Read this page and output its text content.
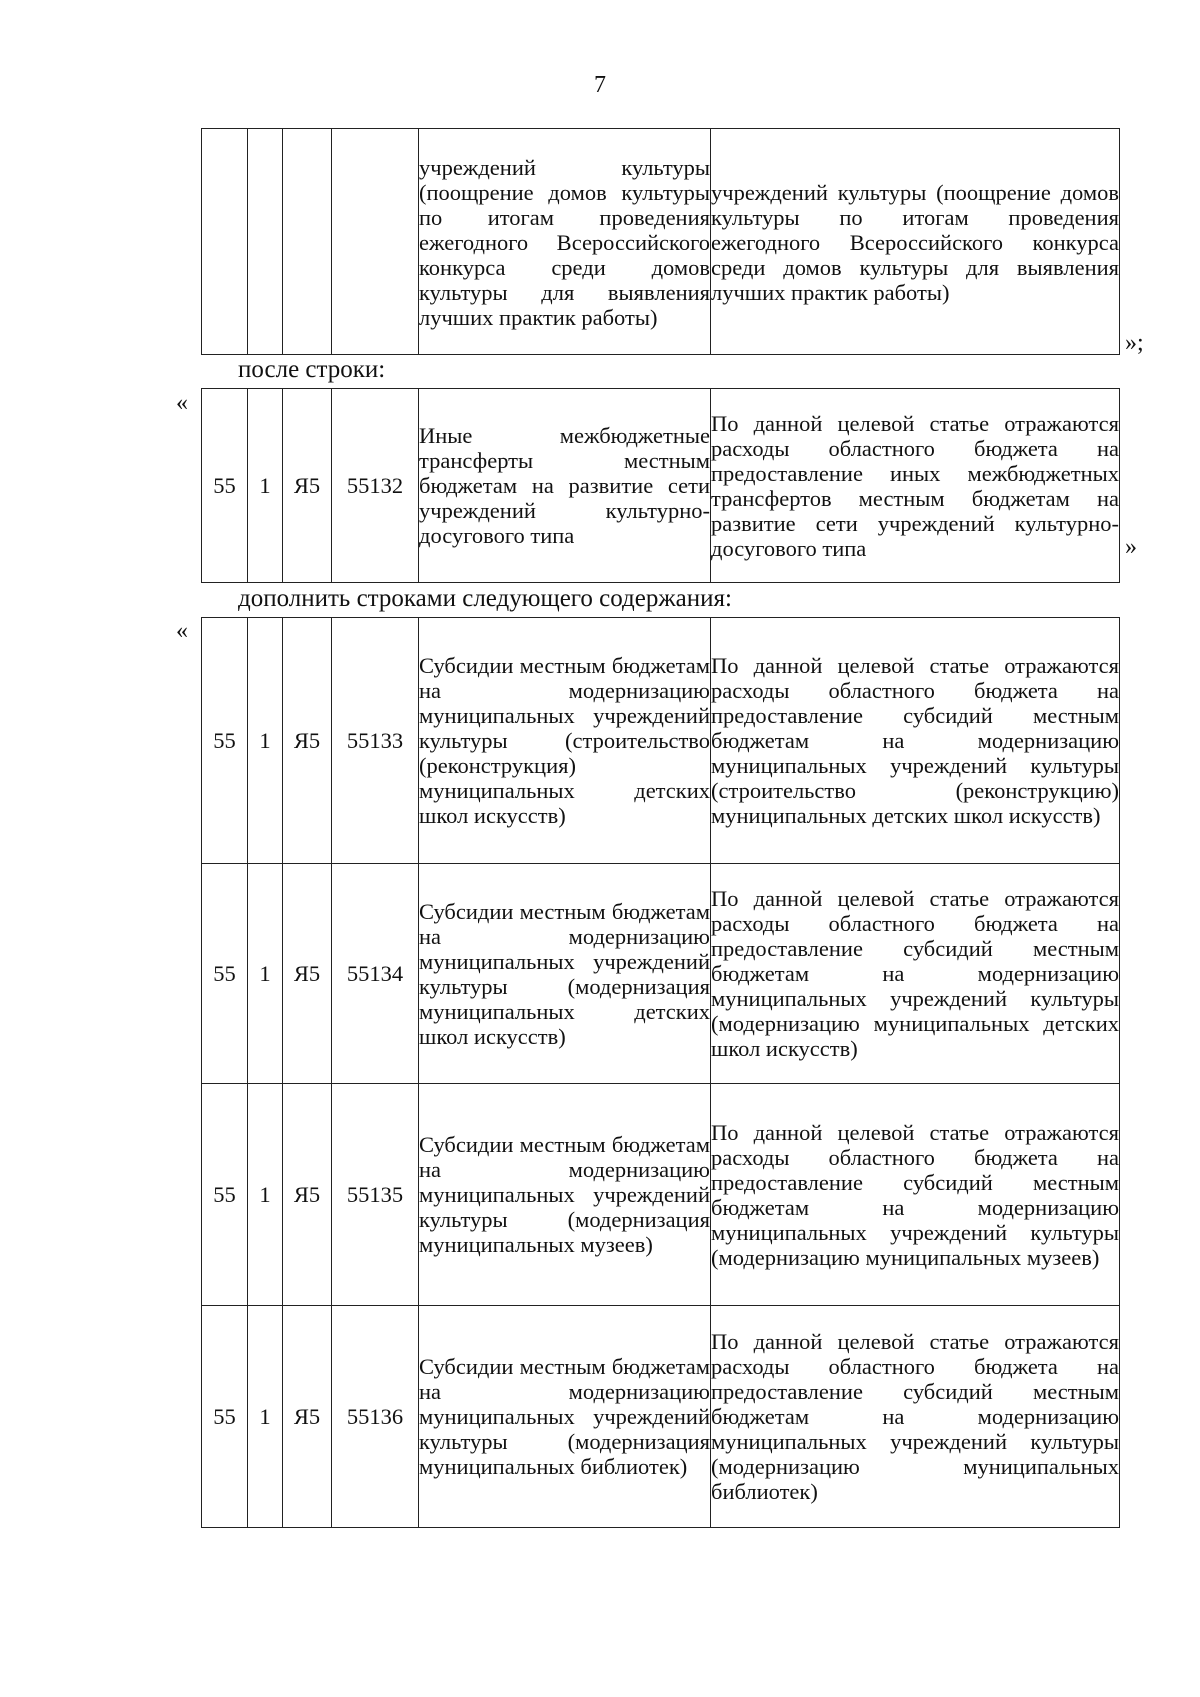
7
				учреждений культуры (поощрение домов культуры по итогам проведения ежегодного Всероссийского конкурса среди домов культуры для выявления лучших практик работы)	учреждений культуры (поощрение домов культуры по итогам проведения ежегодного Всероссийского конкурса среди домов культуры для выявления лучших практик работы)
»;
после строки:
«
55	1	Я5	55132	Иные межбюджетные трансферты местным бюджетам на развитие сети учреждений культурно-досугового типа	По данной целевой статье отражаются расходы областного бюджета на предоставление иных межбюджетных трансфертов местным бюджетам на развитие сети учреждений культурно-досугового типа	»
дополнить строками следующего содержания:
«
55	1	Я5	55133	Субсидии местным бюджетам на модернизацию муниципальных учреждений культуры (строительство (реконструкция) муниципальных детских школ искусств)	По данной целевой статье отражаются расходы областного бюджета на предоставление субсидий местным бюджетам на модернизацию муниципальных учреждений культуры (строительство (реконструкцию) муниципальных детских школ искусств)
55	1	Я5	55134	Субсидии местным бюджетам на модернизацию муниципальных учреждений культуры (модернизация муниципальных детских школ искусств)	По данной целевой статье отражаются расходы областного бюджета на предоставление субсидий местным бюджетам на модернизацию муниципальных учреждений культуры (модернизацию муниципальных детских школ искусств)
55	1	Я5	55135	Субсидии местным бюджетам на модернизацию муниципальных учреждений культуры (модернизация муниципальных музеев)	По данной целевой статье отражаются расходы областного бюджета на предоставление субсидий местным бюджетам на модернизацию муниципальных учреждений культуры (модернизацию муниципальных музеев)
55	1	Я5	55136	Субсидии местным бюджетам на модернизацию муниципальных учреждений культуры (модернизация муниципальных библиотек)	По данной целевой статье отражаются расходы областного бюджета на предоставление субсидий местным бюджетам на модернизацию муниципальных учреждений культуры (модернизацию муниципальных библиотек)
